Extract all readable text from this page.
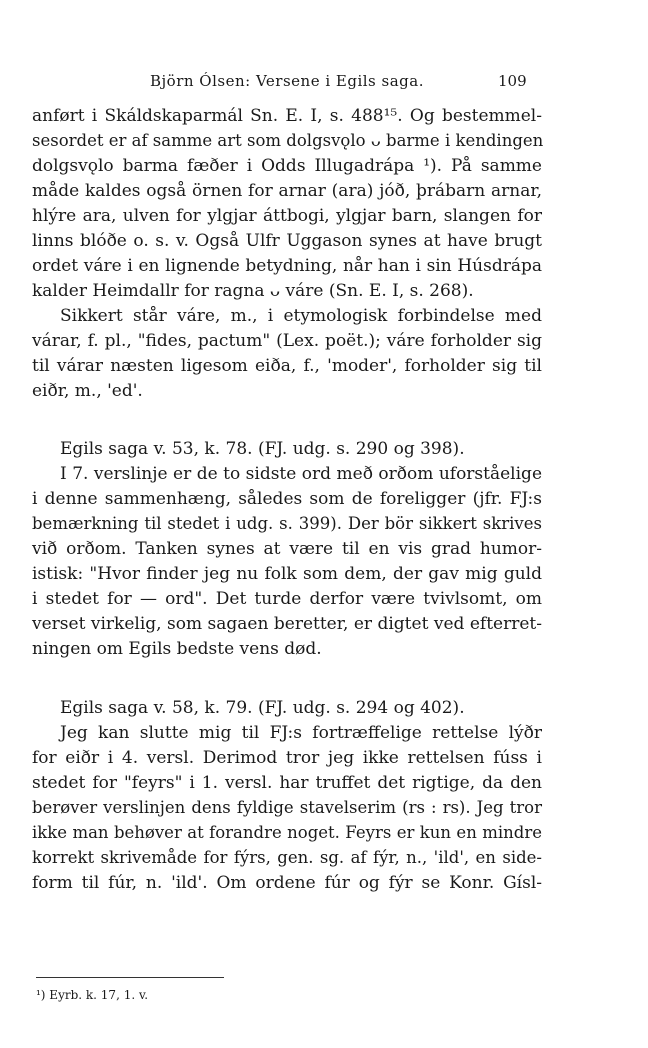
Björn Ólsen: Versene i Egils saga.	109
anført i Skáldskaparmál Sn. E. I, s. 488¹⁵. Og bestemmel-
sesordet er af samme art som dolgsvǫlo ᴗ barme i kendingen
dolgsvǫlo barma fæðer i Odds Illugadrápa ¹). På samme
måde kaldes også örnen for arnar (ara) jóð, þrábarn arnar,
hlýre ara, ulven for ylgjar áttbogi, ylgjar barn, slangen for
linns blóðe o. s. v. Også Ulfr Uggason synes at have brugt
ordet váre i en lignende betydning, når han i sin Húsdrápa
kalder Heimdallr for ragna ᴗ váre (Sn. E. I, s. 268).
Sikkert står váre, m., i etymologisk forbindelse med
várar, f. pl., "fides, pactum" (Lex. poët.); váre forholder sig
til várar næsten ligesom eiða, f., 'moder', forholder sig til
eiðr, m., 'ed'.
Egils saga v. 53, k. 78. (FJ. udg. s. 290 og 398).
I 7. verslinje er de to sidste ord með orðom uforståelige
i denne sammenhæng, således som de foreligger (jfr. FJ:s
bemærkning til stedet i udg. s. 399). Der bör sikkert skrives
við orðom. Tanken synes at være til en vis grad humor-
istisk: "Hvor finder jeg nu folk som dem, der gav mig guld
i stedet for — ord". Det turde derfor være tvivlsomt, om
verset virkelig, som sagaen beretter, er digtet ved efterret-
ningen om Egils bedste vens død.
Egils saga v. 58, k. 79. (FJ. udg. s. 294 og 402).
Jeg kan slutte mig til FJ:s fortræffelige rettelse lýðr
for eiðr i 4. versl. Derimod tror jeg ikke rettelsen fúss i
stedet for "feyrs" i 1. versl. har truffet det rigtige, da den
berøver verslinjen dens fyldige stavelserim (rs : rs). Jeg tror
ikke man behøver at forandre noget. Feyrs er kun en mindre
korrekt skrivemåde for fýrs, gen. sg. af fýr, n., 'ild', en side-
form til fúr, n. 'ild'. Om ordene fúr og fýr se Konr. Gísl-
¹) Eyrb. k. 17, 1. v.
